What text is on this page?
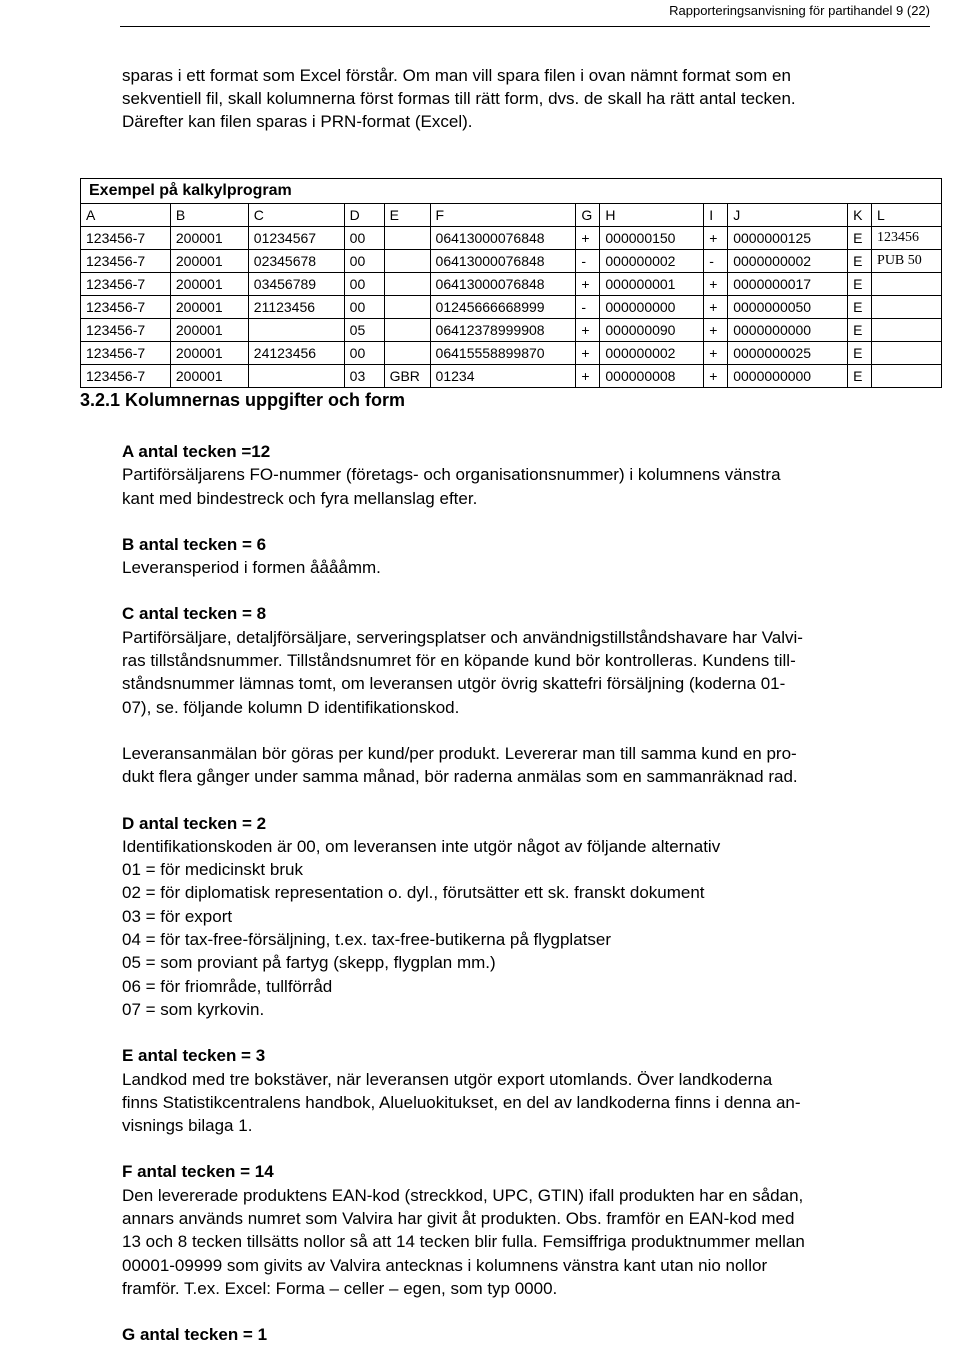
Rapporteringsanvisning för partihandel 9 (22)
sparas i ett format som Excel förstår. Om man vill spara filen i ovan nämnt format som en
sekventiell fil, skall kolumnerna först formas till rätt form, dvs. de skall ha rätt antal tecken.
Därefter kan filen sparas i PRN-format (Excel).
Exempel på kalkylprogram											
A	B	C	D	E	F	G	H	I	J	K	L
123456-7	200001	01234567	00		06413000076848	+	000000150	+	0000000125	E	123456
123456-7	200001	02345678	00		06413000076848	-	000000002	-	0000000002	E	PUB 50
123456-7	200001	03456789	00		06413000076848	+	000000001	+	0000000017	E	
123456-7	200001	21123456	00		01245666668999	-	000000000	+	0000000050	E	
123456-7	200001		05		06412378999908	+	000000090	+	0000000000	E	
123456-7	200001	24123456	00		06415558899870	+	000000002	+	0000000025	E	
123456-7	200001		03	GBR	01234	+	000000008	+	0000000000	E	
3.2.1 Kolumnernas uppgifter och form
A antal tecken =12

Partiförsäljarens FO-nummer (företags- och organisationsnummer) i kolumnens vänstra

kant med bindestreck och fyra mellanslag efter.

B antal tecken = 6

Leveransperiod i formen ååååmm.

C antal tecken = 8

Partiförsäljare, detaljförsäljare, serveringsplatser och användnigstillståndshavare har Valvi-

ras tillståndsnummer. Tillståndsnumret för en köpande kund bör kontrolleras. Kundens till-

ståndsnummer lämnas tomt, om leveransen utgör övrig skattefri försäljning (koderna 01-

07), se. följande kolumn D identifikationskod.

Leveransanmälan bör göras per kund/per produkt. Levererar man till samma kund en pro-

dukt flera gånger under samma månad, bör raderna anmälas som en sammanräknad rad.

D antal tecken = 2

Identifikationskoden är 00, om leveransen inte utgör något av följande alternativ

01 = för medicinskt bruk

02 = för diplomatisk representation o. dyl., förutsätter ett sk. franskt dokument

03 = för export

04 = för tax-free-försäljning, t.ex. tax-free-butikerna på flygplatser

05 = som proviant på fartyg (skepp, flygplan mm.)

06 = för friområde, tullförråd

07 = som kyrkovin.

E antal tecken = 3

Landkod med tre bokstäver, när leveransen utgör export utomlands. Över landkoderna

finns Statistikcentralens handbok, Alueluokitukset, en del av landkoderna finns i denna an-

visnings bilaga 1.

F antal tecken = 14

Den levererade produktens EAN-kod (streckkod, UPC, GTIN) ifall produkten har en sådan,

annars används numret som Valvira har givit åt produkten. Obs. framför en EAN-kod med

13 och 8 tecken tillsätts nollor så att 14 tecken blir fulla. Femsiffriga produktnummer mellan

00001-09999 som givits av Valvira antecknas i kolumnens vänstra kant utan nio nollor

framför. T.ex. Excel: Forma – celler – egen, som typ 0000.

G antal tecken = 1
